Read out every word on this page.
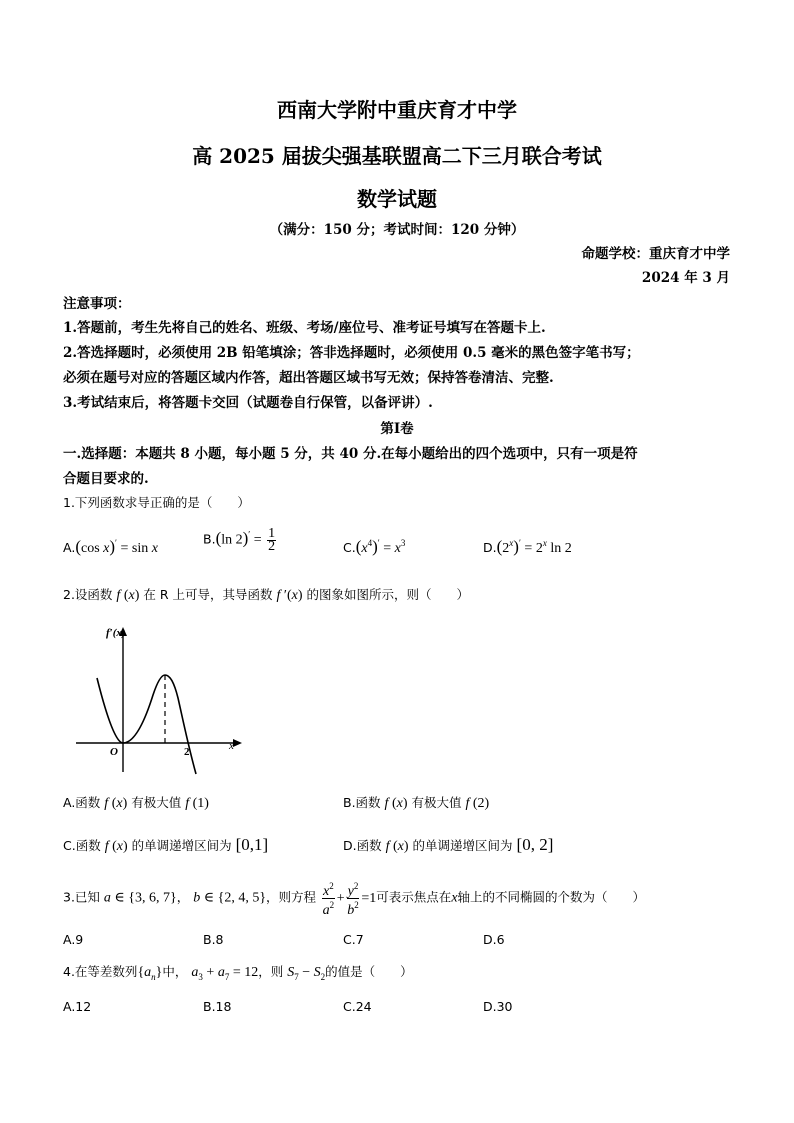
西南大学附中重庆育才中学
高 2025 届拔尖强基联盟高二下三月联合考试
数学试题
（满分：150 分；考试时间：120 分钟）
命题学校：重庆育才中学
2024 年 3 月
注意事项：
1.答题前，考生先将自己的姓名、班级、考场/座位号、准考证号填写在答题卡上.
2.答选择题时，必须使用 2B 铅笔填涂；答非选择题时，必须使用 0.5 毫米的黑色签字笔书写；
必须在题号对应的答题区域内作答，超出答题区域书写无效；保持答卷清洁、完整.
3.考试结束后，将答题卡交回（试题卷自行保管，以备评讲）.
第Ⅰ卷
一.选择题：本题共 8 小题，每小题 5 分，共 40 分.在每小题给出的四个选项中，只有一项是符
合题目要求的.
1.下列函数求导正确的是（　　）
A.(cos x)′ = sin x
B.(ln $2)' = \frac{1}{2}$	$C.(x^4)' = x^3$	$D.(2^x)' = 2^x$ ln 2
2.设函数 f (x) 在 R 上可导，其导函数 f ′(x) 的图象如图所示，则（　　）
f′(x)
x
O	2
A.函数 f (x) 有极大值 f (1)	B.函数 f (x) 有极大值 f (2)
C.函数 f (x) 的单调递增区间为 [0,1]	D.函数 f (x) 的单调递增区间为 [0, 2]
3.已知 a ∈ {3, 6, 7}， b ∈ {2, 4, 5}，则方程 $\frac{x^2}{a^2} + \frac{y^2}{b^2} =1$可表示焦点在x轴上的不同椭圆的个数为（　　）
A.9	B.8	C.7	D.6
4.在等差数列$\{a_n\}$中， $a_3 + a_7 = 12$，则 $S_7 - S_2$的值是（　　）
A.12	B.18	C.24	D.30
